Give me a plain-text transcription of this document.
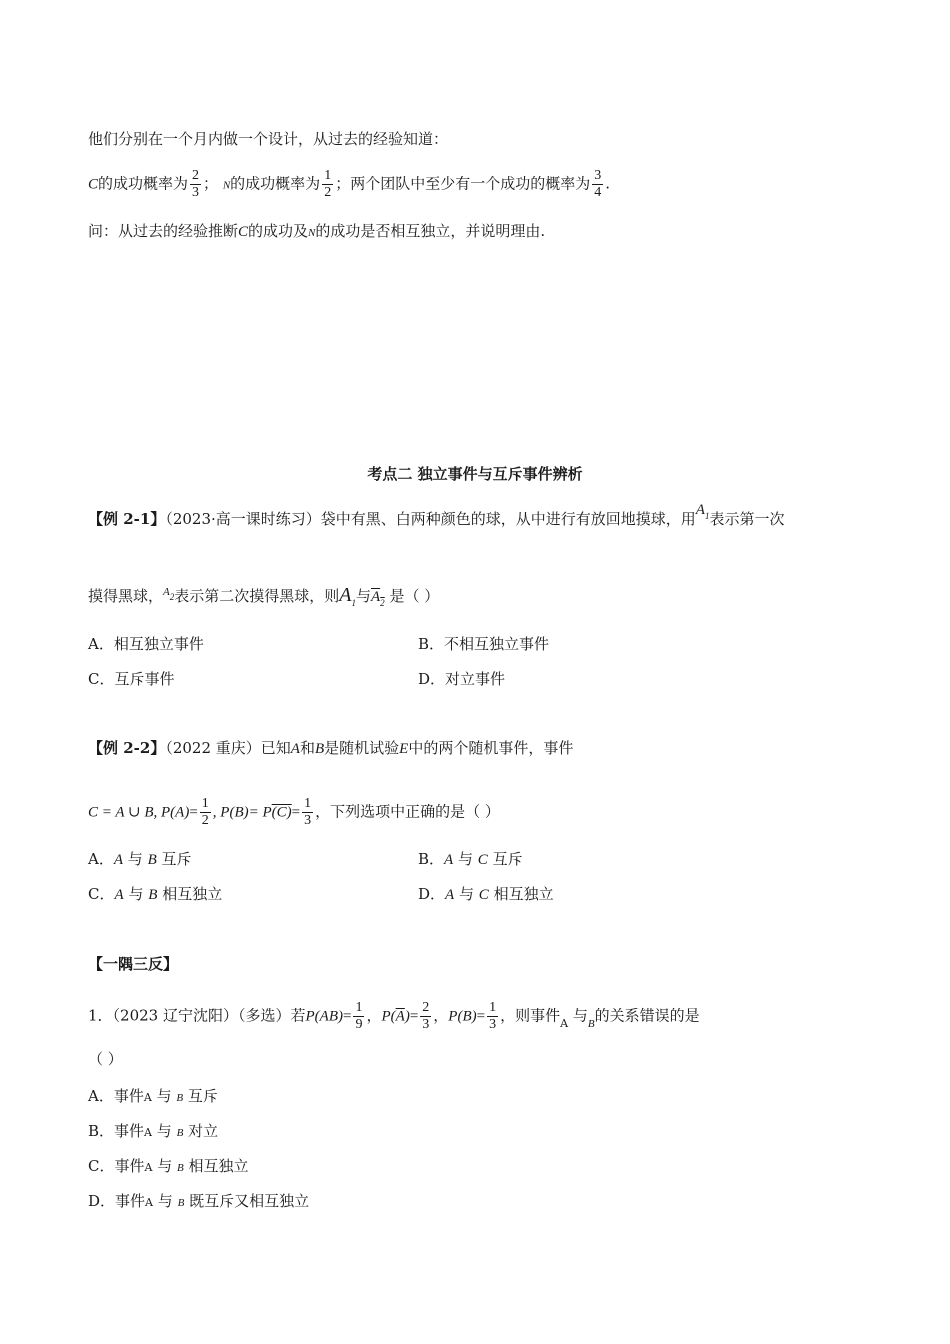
他们分别在一个月内做一个设计，从过去的经验知道：
C的成功概率为 $\frac{2}{3}$ ； N的成功概率为 $\frac{1}{2}$ ；两个团队中至少有一个成功的概率为 $\frac{3}{4}$ .
问：从过去的经验推断C的成功及N的成功是否相互独立，并说明理由.
考点二 独立事件与互斥事件辨析
【例 2-1】（2023·高一课时练习）袋中有黑、白两种颜色的球，从中进行有放回地摸球，用$A_1$表示第一次
摸得黑球，$^{A_2}$表示第二次摸得黑球，则$A_1$与$A_2$ 是（ ）
A．相互独立事件	B．不相互独立事件
C．互斥事件	D．对立事件
【例 2-2】（2022 重庆）已知A和B是随机试验E中的两个随机事件，事件
C = A ∪ B, $P(A)= \frac{1}{2}$ , $P(B)= P(C)= \frac{1}{3}$ ，下列选项中正确的是（ ）
A．A 与 B 互斥	B．A 与 C 互斥
C．A 与 B 相互独立	D．A 与 C 相互独立
【一隅三反】
1．（2023 辽宁沈阳）（多选）若$P(AB)= \frac{1}{9}$ ，$P(\overline{A})= \frac{2}{3}$ ，$P(B)= \frac{1}{3}$ ，则事件$_A$ 与$_B$的关系错误的是
（ ）
A．事件A 与 B 互斥
B．事件A 与 B 对立
C．事件A 与 B 相互独立
D．事件A 与 B 既互斥又相互独立
